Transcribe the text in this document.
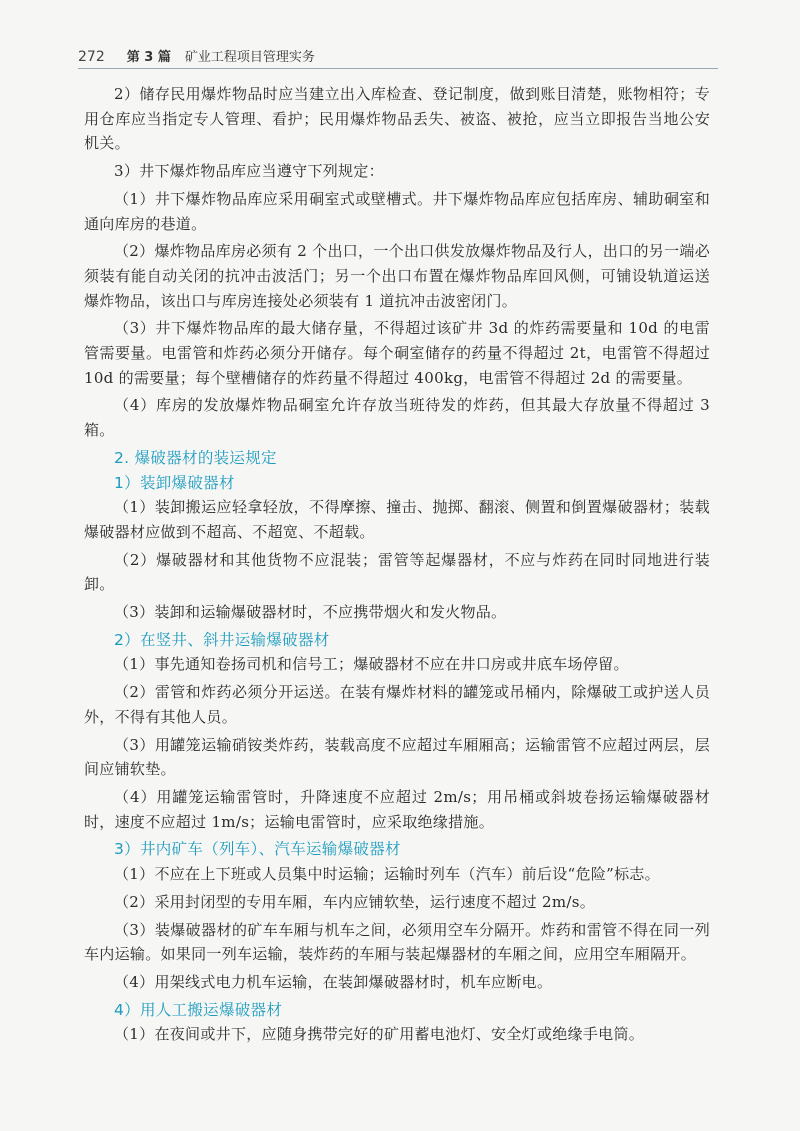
272 第 3 篇 矿业工程项目管理实务

2）储存民用爆炸物品时应当建立出入库检查、登记制度，做到账目清楚，账物相符；专用仓库应当指定专人管理、看护；民用爆炸物品丢失、被盗、被抢，应当立即报告当地公安机关。

3）井下爆炸物品库应当遵守下列规定：

（1）井下爆炸物品库应采用硐室式或壁槽式。井下爆炸物品库应包括库房、辅助硐室和通向库房的巷道。

（2）爆炸物品库房必须有 2 个出口，一个出口供发放爆炸物品及行人，出口的另一端必须装有能自动关闭的抗冲击波活门；另一个出口布置在爆炸物品库回风侧，可铺设轨道运送爆炸物品，该出口与库房连接处必须装有 1 道抗冲击波密闭门。

（3）井下爆炸物品库的最大储存量，不得超过该矿井 3d 的炸药需要量和 10d 的电雷管需要量。电雷管和炸药必须分开储存。每个硐室储存的药量不得超过 2t，电雷管不得超过 10d 的需要量；每个壁槽储存的炸药量不得超过 400kg，电雷管不得超过 2d 的需要量。

（4）库房的发放爆炸物品硐室允许存放当班待发的炸药，但其最大存放量不得超过 3 箱。

2. 爆破器材的装运规定
1）装卸爆破器材

（1）装卸搬运应轻拿轻放，不得摩擦、撞击、抛掷、翻滚、侧置和倒置爆破器材；装载爆破器材应做到不超高、不超宽、不超载。

（2）爆破器材和其他货物不应混装；雷管等起爆器材，不应与炸药在同时同地进行装卸。

（3）装卸和运输爆破器材时，不应携带烟火和发火物品。

2）在竖井、斜井运输爆破器材

（1）事先通知卷扬司机和信号工；爆破器材不应在井口房或井底车场停留。

（2）雷管和炸药必须分开运送。在装有爆炸材料的罐笼或吊桶内，除爆破工或护送人员外，不得有其他人员。

（3）用罐笼运输硝铵类炸药，装载高度不应超过车厢厢高；运输雷管不应超过两层，层间应铺软垫。

（4）用罐笼运输雷管时，升降速度不应超过 2m/s；用吊桶或斜坡卷扬运输爆破器材时，速度不应超过 1m/s；运输电雷管时，应采取绝缘措施。

3）井内矿车（列车）、汽车运输爆破器材

（1）不应在上下班或人员集中时运输；运输时列车（汽车）前后设“危险”标志。

（2）采用封闭型的专用车厢，车内应铺软垫，运行速度不超过 2m/s。

（3）装爆破器材的矿车车厢与机车之间，必须用空车分隔开。炸药和雷管不得在同一列车内运输。如果同一列车运输，装炸药的车厢与装起爆器材的车厢之间，应用空车厢隔开。

（4）用架线式电力机车运输，在装卸爆破器材时，机车应断电。

4）用人工搬运爆破器材

（1）在夜间或井下，应随身携带完好的矿用蓄电池灯、安全灯或绝缘手电筒。
